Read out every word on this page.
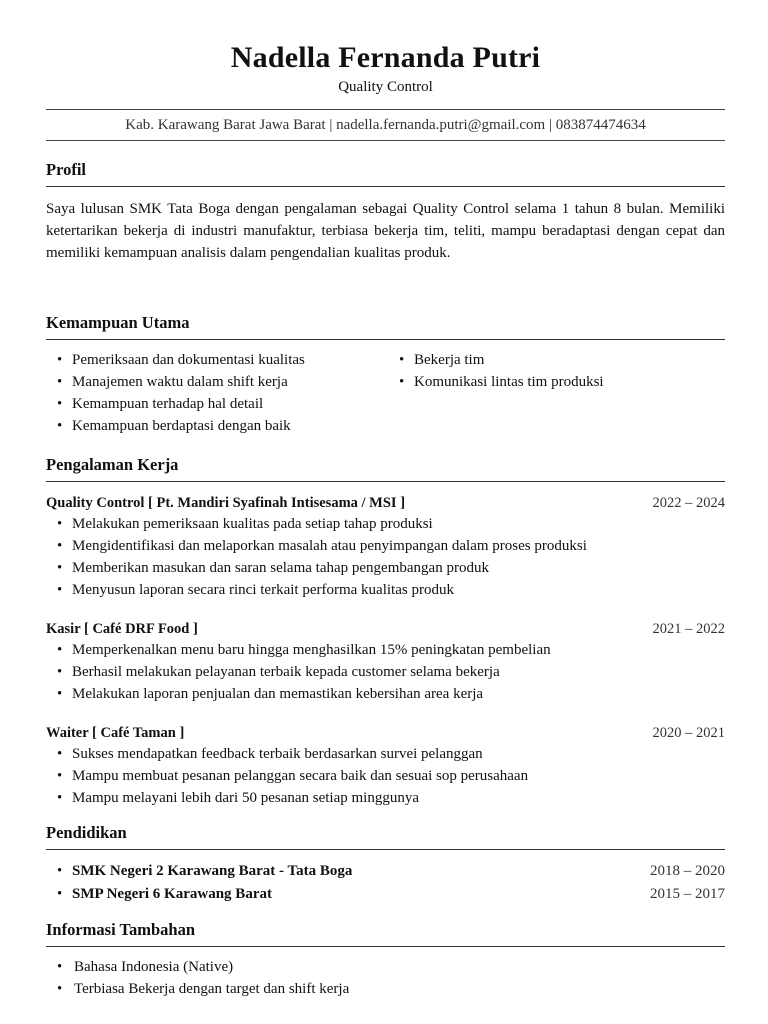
Nadella Fernanda Putri
Quality Control
Kab. Karawang Barat Jawa Barat | nadella.fernanda.putri@gmail.com | 083874474634
Profil
Saya lulusan SMK Tata Boga dengan pengalaman sebagai Quality Control selama 1 tahun 8 bulan. Memiliki ketertarikan bekerja di industri manufaktur, terbiasa bekerja tim, teliti, mampu beradaptasi dengan cepat dan memiliki kemampuan analisis dalam pengendalian kualitas produk.
Kemampuan Utama
• Pemeriksaan dan dokumentasi kualitas
• Manajemen waktu dalam shift kerja
• Kemampuan terhadap hal detail
• Kemampuan berdaptasi dengan baik
• Bekerja tim
• Komunikasi lintas tim produksi
Pengalaman Kerja
Quality Control [ Pt. Mandiri Syafinah Intisesama / MSI ]	2022 – 2024
• Melakukan pemeriksaan kualitas pada setiap tahap produksi
• Mengidentifikasi dan melaporkan masalah atau penyimpangan dalam proses produksi
• Memberikan masukan dan saran selama tahap pengembangan produk
• Menyusun laporan secara rinci terkait performa kualitas produk
Kasir [ Café DRF Food ]	2021 – 2022
• Memperkenalkan menu baru hingga menghasilkan 15% peningkatan pembelian
• Berhasil melakukan pelayanan terbaik kepada customer selama bekerja
• Melakukan laporan penjualan dan memastikan kebersihan area kerja
Waiter [ Café Taman ]	2020 – 2021
• Sukses mendapatkan feedback terbaik berdasarkan survei pelanggan
• Mampu membuat pesanan pelanggan secara baik dan sesuai sop perusahaan
• Mampu melayani lebih dari 50 pesanan setiap minggunya
Pendidikan
• SMK Negeri 2 Karawang Barat - Tata Boga	2018 – 2020
• SMP Negeri 6 Karawang Barat	2015 – 2017
Informasi Tambahan
• Bahasa Indonesia (Native)
• Terbiasa Bekerja dengan target dan shift kerja
